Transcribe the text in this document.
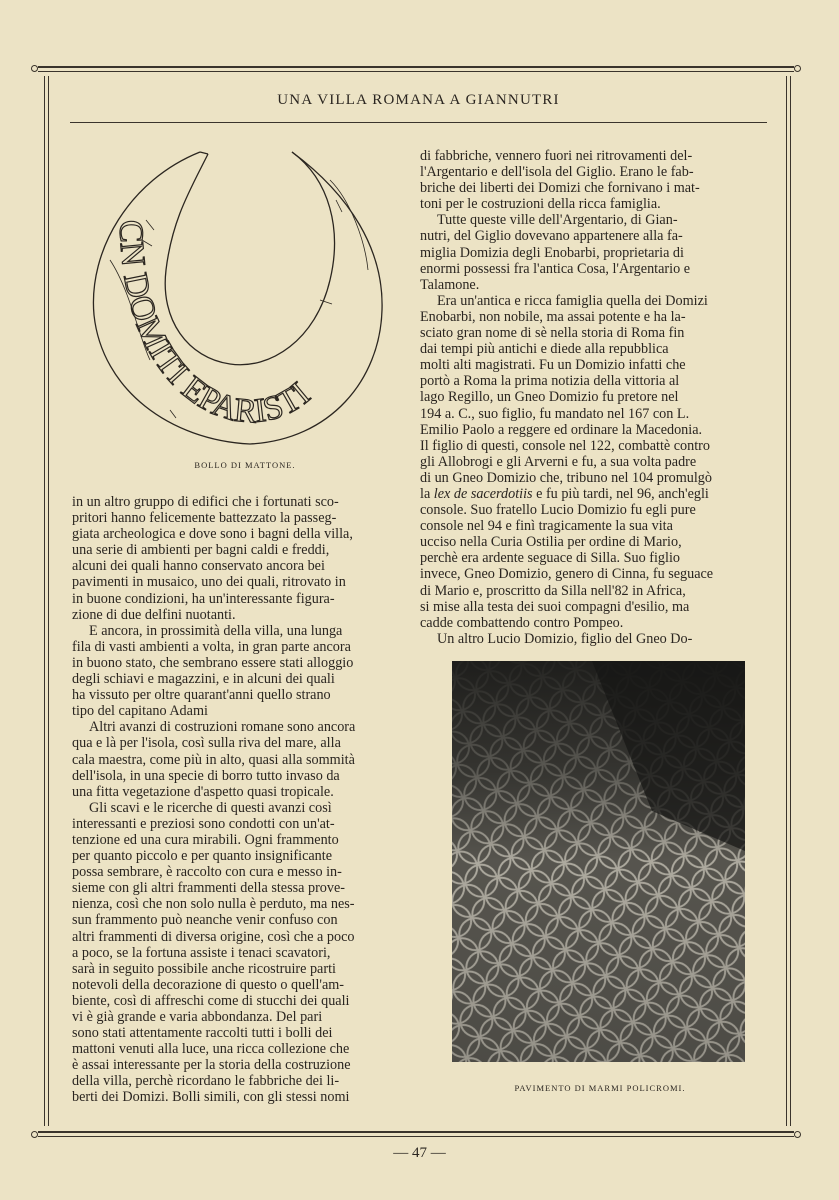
UNA VILLA ROMANA A GIANNUTRI
CN DOMITI EPARISTI
BOLLO DI MATTONE.
in un altro gruppo di edifici che i fortunati sco-
pritori hanno felicemente battezzato la passeg-
giata archeologica e dove sono i bagni della villa,
una serie di ambienti per bagni caldi e freddi,
alcuni dei quali hanno conservato ancora bei
pavimenti in musaico, uno dei quali, ritrovato in
in buone condizioni, ha un'interessante figura-
zione di due delfini nuotanti.
E ancora, in prossimità della villa, una lunga
fila di vasti ambienti a volta, in gran parte ancora
in buono stato, che sembrano essere stati alloggio
degli schiavi e magazzini, e in alcuni dei quali
ha vissuto per oltre quarant'anni quello strano
tipo del capitano Adami
Altri avanzi di costruzioni romane sono ancora
qua e là per l'isola, così sulla riva del mare, alla
cala maestra, come più in alto, quasi alla sommità
dell'isola, in una specie di borro tutto invaso da
una fitta vegetazione d'aspetto quasi tropicale.
Gli scavi e le ricerche di questi avanzi così
interessanti e preziosi sono condotti con un'at-
tenzione ed una cura mirabili. Ogni frammento
per quanto piccolo e per quanto insignificante
possa sembrare, è raccolto con cura e messo in-
sieme con gli altri frammenti della stessa prove-
nienza, così che non solo nulla è perduto, ma nes-
sun frammento può neanche venir confuso con
altri frammenti di diversa origine, così che a poco
a poco, se la fortuna assiste i tenaci scavatori,
sarà in seguito possibile anche ricostruire parti
notevoli della decorazione di questo o quell'am-
biente, così di affreschi come di stucchi dei quali
vi è già grande e varia abbondanza. Del pari
sono stati attentamente raccolti tutti i bolli dei
mattoni venuti alla luce, una ricca collezione che
è assai interessante per la storia della costruzione
della villa, perchè ricordano le fabbriche dei li-
berti dei Domizi. Bolli simili, con gli stessi nomi
di fabbriche, vennero fuori nei ritrovamenti del-
l'Argentario e dell'isola del Giglio. Erano le fab-
briche dei liberti dei Domizi che fornivano i mat-
toni per le costruzioni della ricca famiglia.
Tutte queste ville dell'Argentario, di Gian-
nutri, del Giglio dovevano appartenere alla fa-
miglia Domizia degli Enobarbi, proprietaria di
enormi possessi fra l'antica Cosa, l'Argentario e
Talamone.
Era un'antica e ricca famiglia quella dei Domizi
Enobarbi, non nobile, ma assai potente e ha la-
sciato gran nome di sè nella storia di Roma fin
dai tempi più antichi e diede alla repubblica
molti alti magistrati. Fu un Domizio infatti che
portò a Roma la prima notizia della vittoria al
lago Regillo, un Gneo Domizio fu pretore nel
194 a. C., suo figlio, fu mandato nel 167 con L.
Emilio Paolo a reggere ed ordinare la Macedonia.
Il figlio di questi, console nel 122, combattè contro
gli Allobrogi e gli Arverni e fu, a sua volta padre
di un Gneo Domizio che, tribuno nel 104 promulgò
la lex de sacerdotiis e fu più tardi, nel 96, anch'egli
console. Suo fratello Lucio Domizio fu egli pure
console nel 94 e finì tragicamente la sua vita
ucciso nella Curia Ostilia per ordine di Mario,
perchè era ardente seguace di Silla. Suo figlio
invece, Gneo Domizio, genero di Cinna, fu seguace
di Mario e, proscritto da Silla nell'82 in Africa,
si mise alla testa dei suoi compagni d'esilio, ma
cadde combattendo contro Pompeo.
Un altro Lucio Domizio, figlio del Gneo Do-
PAVIMENTO DI MARMI POLICROMI.
— 47 —
